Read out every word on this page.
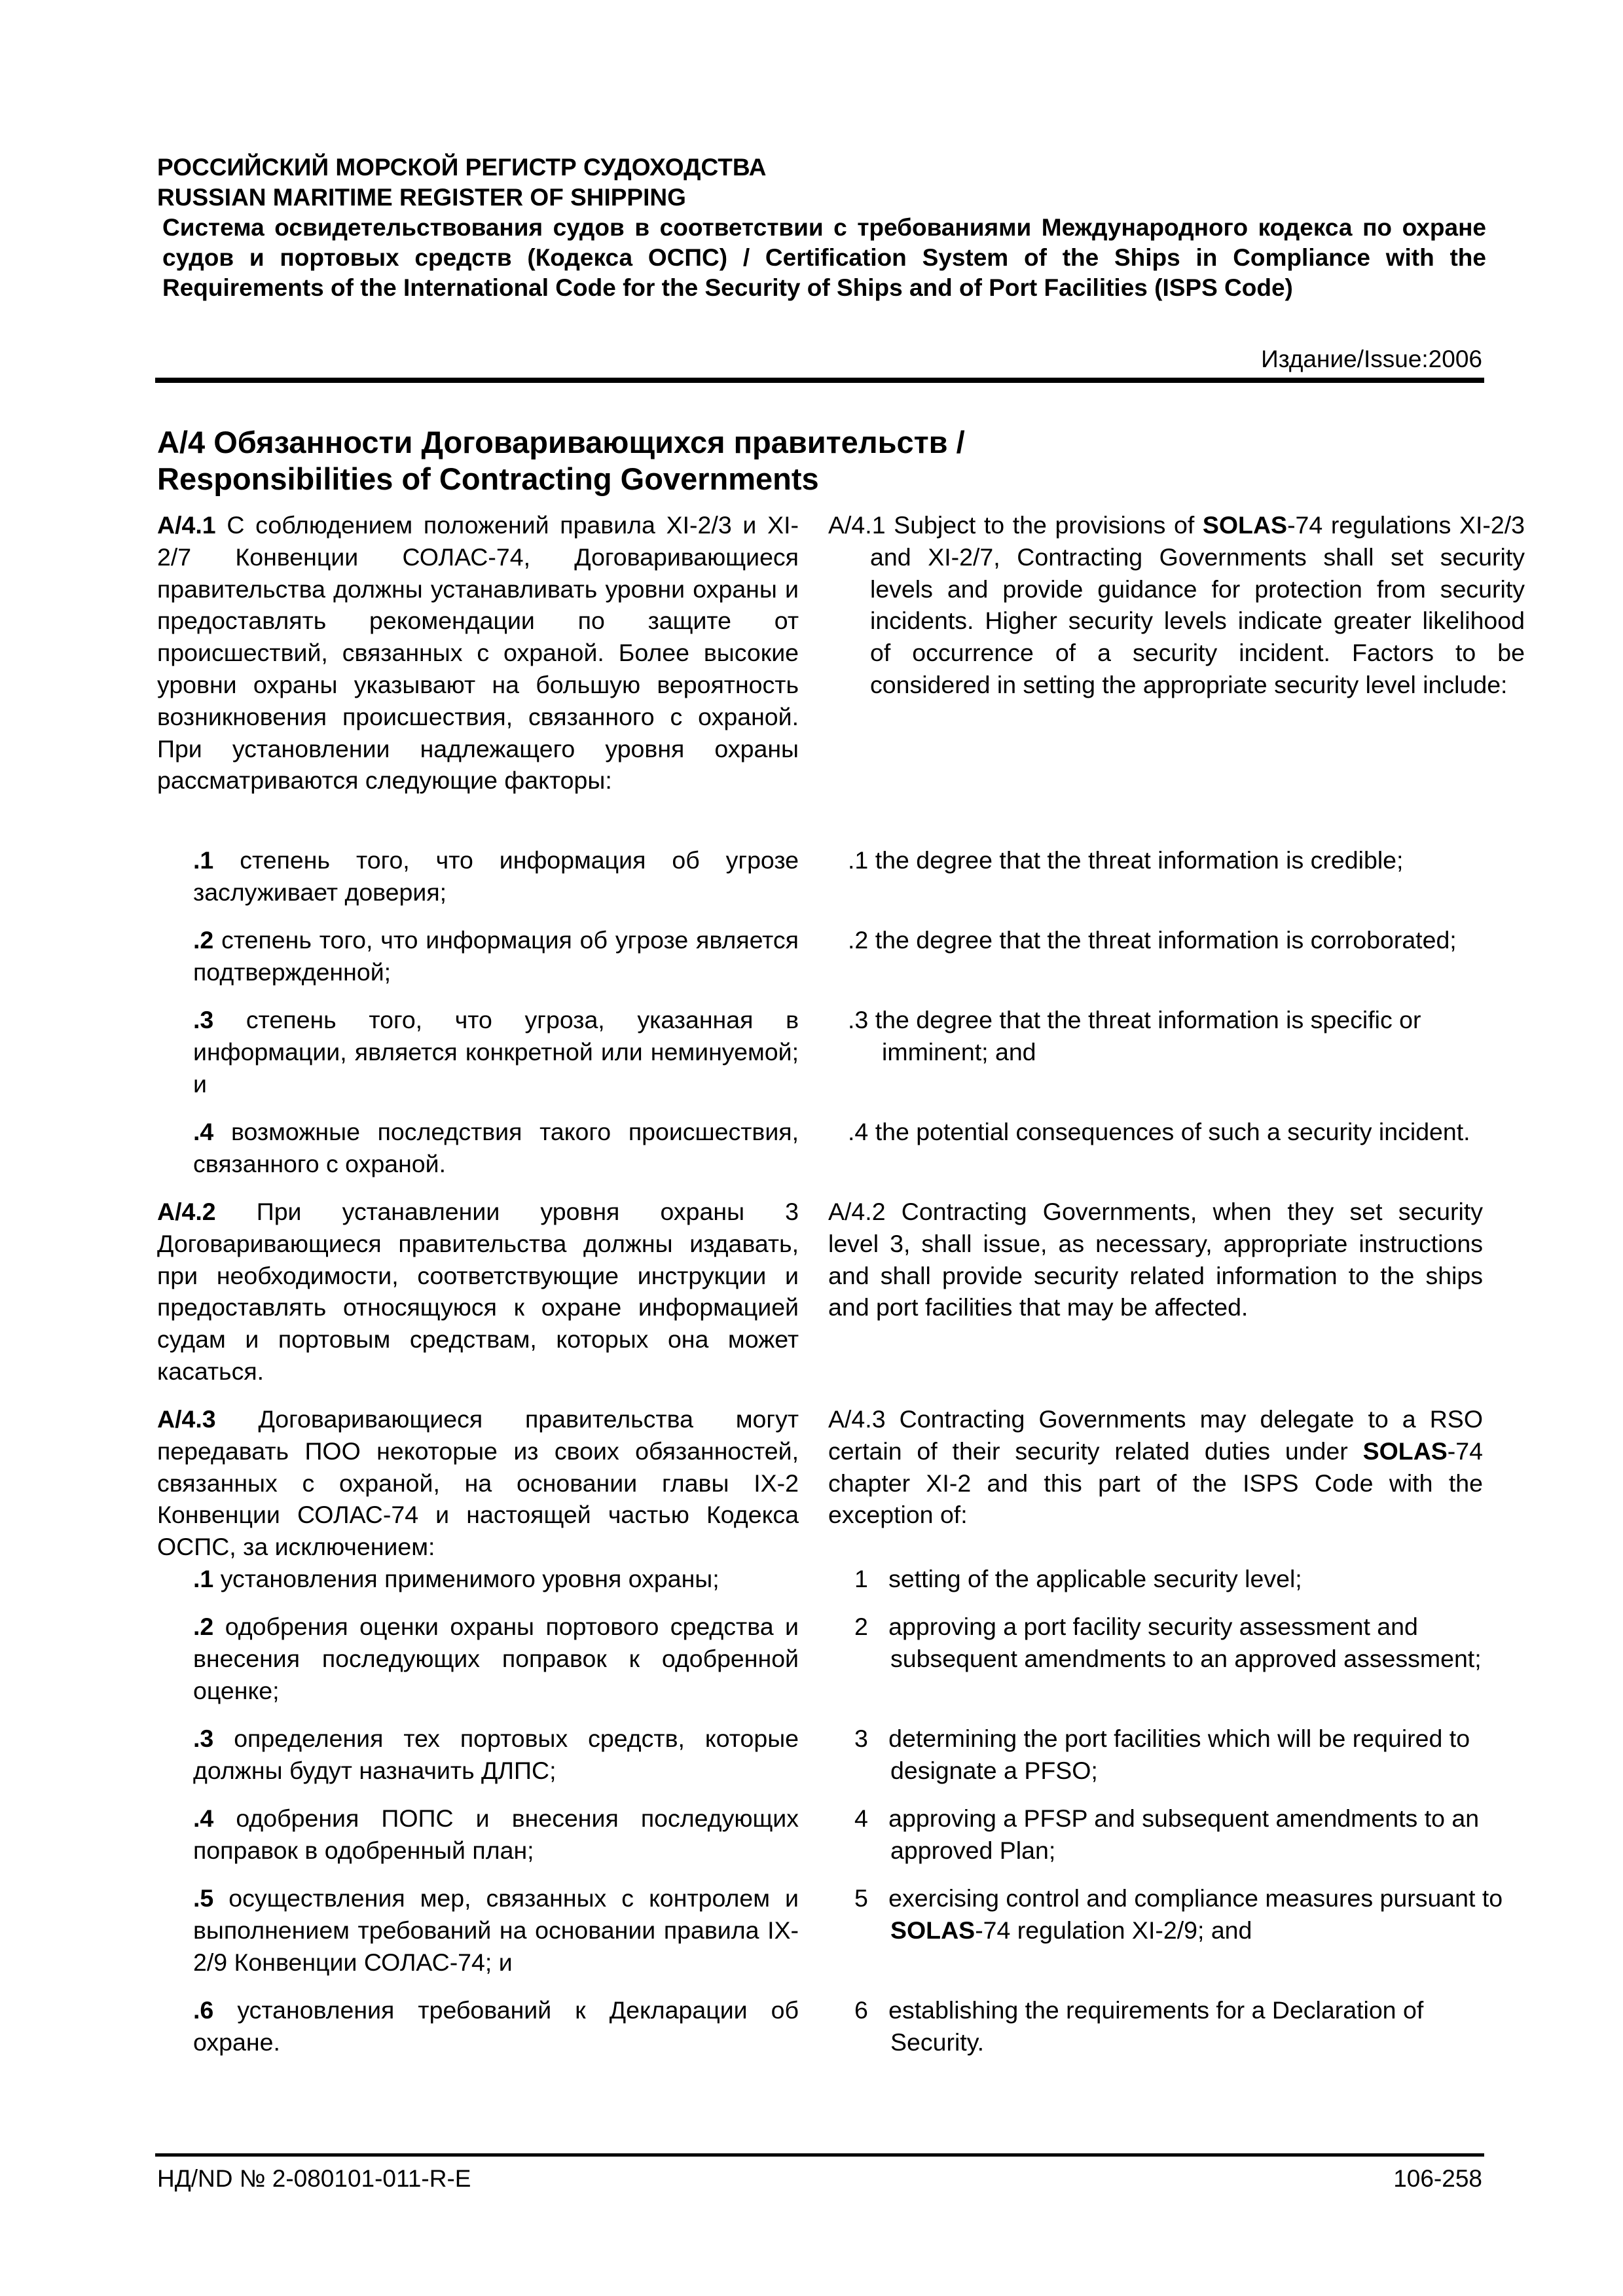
РОССИЙСКИЙ МОРСКОЙ РЕГИСТР СУДОХОДСТВА
RUSSIAN MARITIME REGISTER OF SHIPPING
Система освидетельствования судов в соответствии с требованиями Международного кодекса по охране судов и портовых средств (Кодекса ОСПС) / Certification System of the Ships in Compliance with the Requirements of the International Code for the Security of Ships and of Port Facilities (ISPS Code)
Издание/Issue:2006
A/4 Обязанности Договаривающихся правительств / Responsibilities of Contracting Governments

A/4.1 С соблюдением положений правила XI-2/3 и XI-2/7 Конвенции СОЛАС-74, Договаривающиеся правительства должны устанавливать уровни охраны и предоставлять рекомендации по защите от происшествий, связанных с охраной. Более высокие уровни охраны указывают на большую вероятность возникновения происшествия, связанного с охраной. При установлении надлежащего уровня охраны рассматриваются следующие факторы:

.1 степень того, что информация об угрозе заслуживает доверия;
.2 степень того, что информация об угрозе является подтвержденной;
.3 степень того, что угроза, указанная в информации, является конкретной или неминуемой; и
.4 возможные последствия такого происшествия, связанного с охраной.

A/4.2 При устанавлении уровня охраны 3 Договаривающиеся правительства должны издавать, при необходимости, соответствующие инструкции и предоставлять относящуюся к охране информацией судам и портовым средствам, которых она может касаться.

A/4.3 Договаривающиеся правительства могут передавать ПОО некоторые из своих обязанностей, связанных с охраной, на основании главы IX-2 Конвенции СОЛАС-74 и настоящей частью Кодекса ОСПС, за исключением:

.1 установления применимого уровня охраны;
.2 одобрения оценки охраны портового средства и внесения последующих поправок к одобренной оценке;
.3 определения тех портовых средств, которые должны будут назначить ДЛПС;
.4 одобрения ПОПС и внесения последующих поправок в одобренный план;
.5 осуществления мер, связанных с контролем и выполнением требований на основании правила IX-2/9 Конвенции СОЛАС-74; и
.6 установления требований к Декларации об охране.

A/4.1 Subject to the provisions of SOLAS-74 regulations XI-2/3 and XI-2/7, Contracting Governments shall set security levels and provide guidance for protection from security incidents. Higher security levels indicate greater likelihood of occurrence of a security incident. Factors to be considered in setting the appropriate security level include:

.1 the degree that the threat information is credible;
.2 the degree that the threat information is corroborated;
.3 the degree that the threat information is specific or imminent; and
.4 the potential consequences of such a security incident.

A/4.2 Contracting Governments, when they set security level 3, shall issue, as necessary, appropriate instructions and shall provide security related information to the ships and port facilities that may be affected.

A/4.3 Contracting Governments may delegate to a RSO certain of their security related duties under SOLAS-74 chapter XI-2 and this part of the ISPS Code with the exception of:

1 setting of the applicable security level;
2 approving a port facility security assessment and subsequent amendments to an approved assessment;
3 determining the port facilities which will be required to designate a PFSO;
4 approving a PFSP and subsequent amendments to an approved Plan;
5 exercising control and compliance measures pursuant to SOLAS-74 regulation XI-2/9; and
6 establishing the requirements for a Declaration of Security.
НД/ND № 2-080101-011-R-E	106-258
